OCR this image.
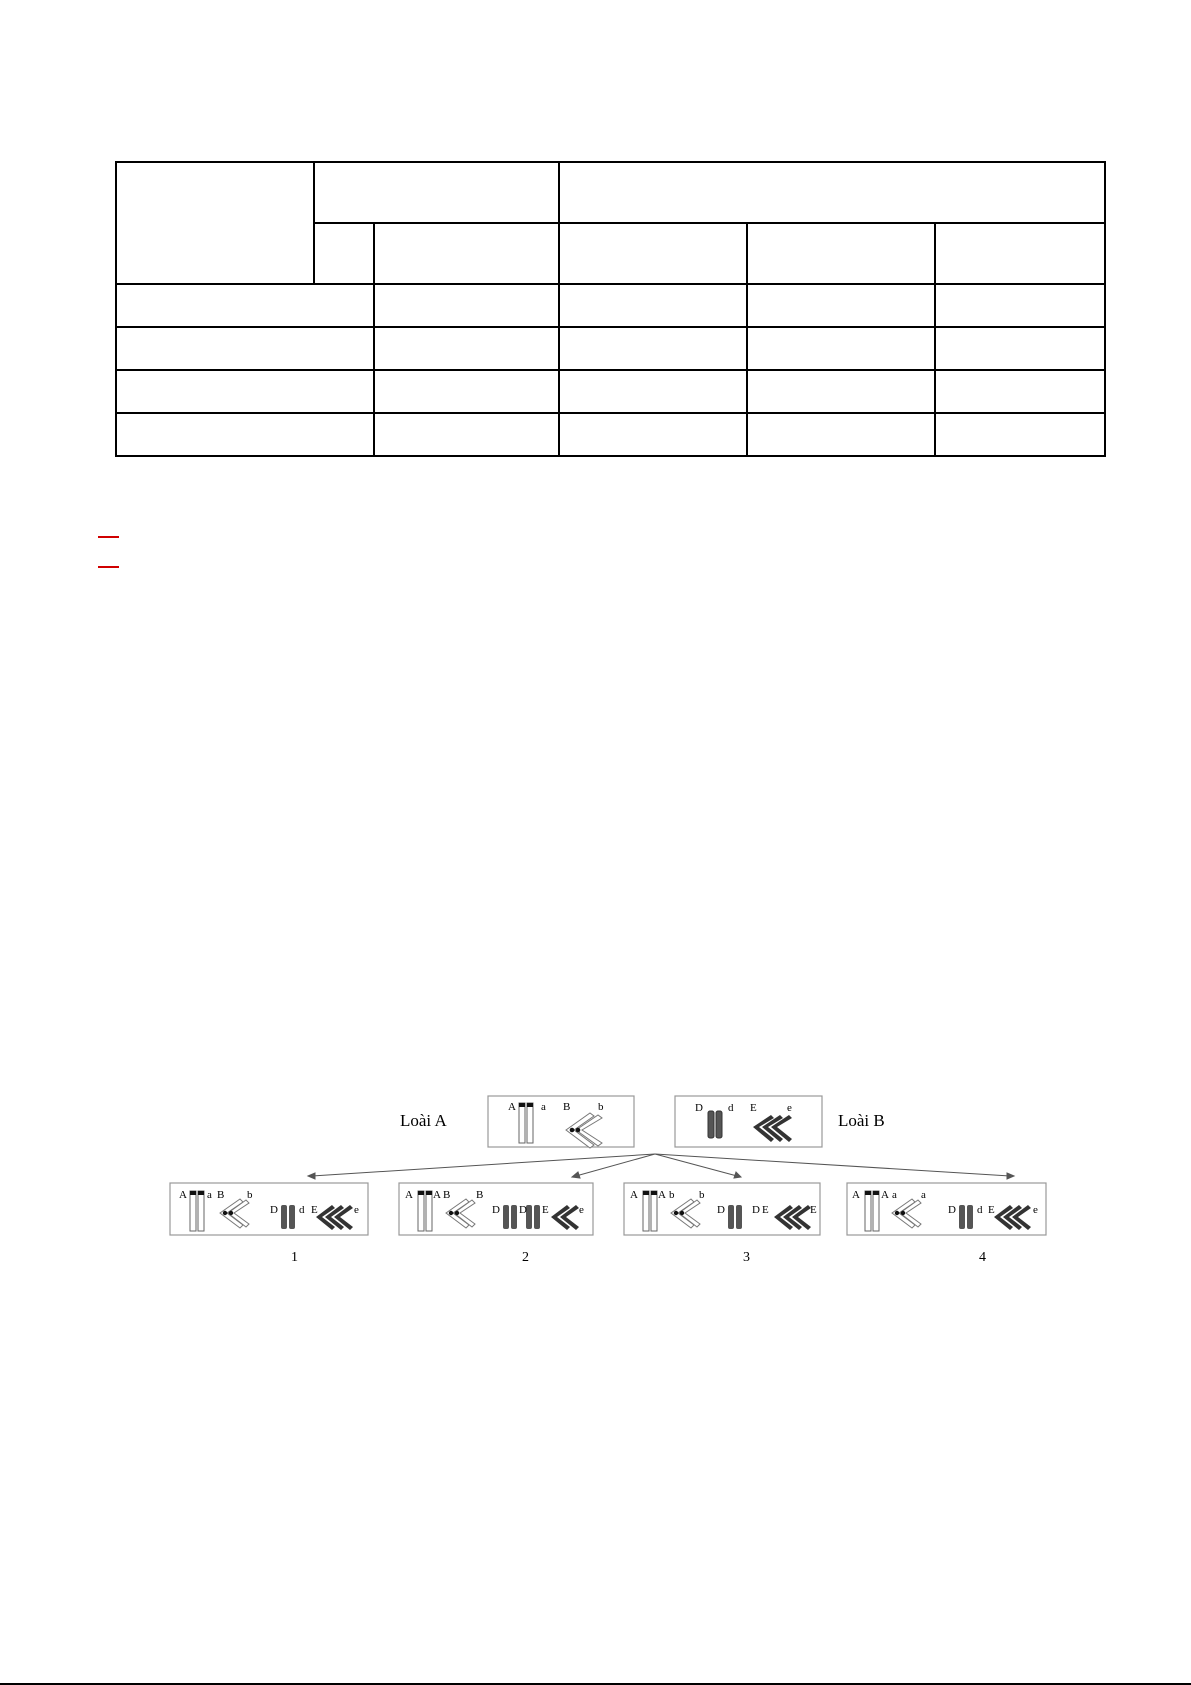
Loài A	Loài B
A a B	b	D d E	e
A a B b
D d E	e
1
A A B B
D D E	e
2
A A b b
D D E	E
3
A A a a
D d E	e
4
